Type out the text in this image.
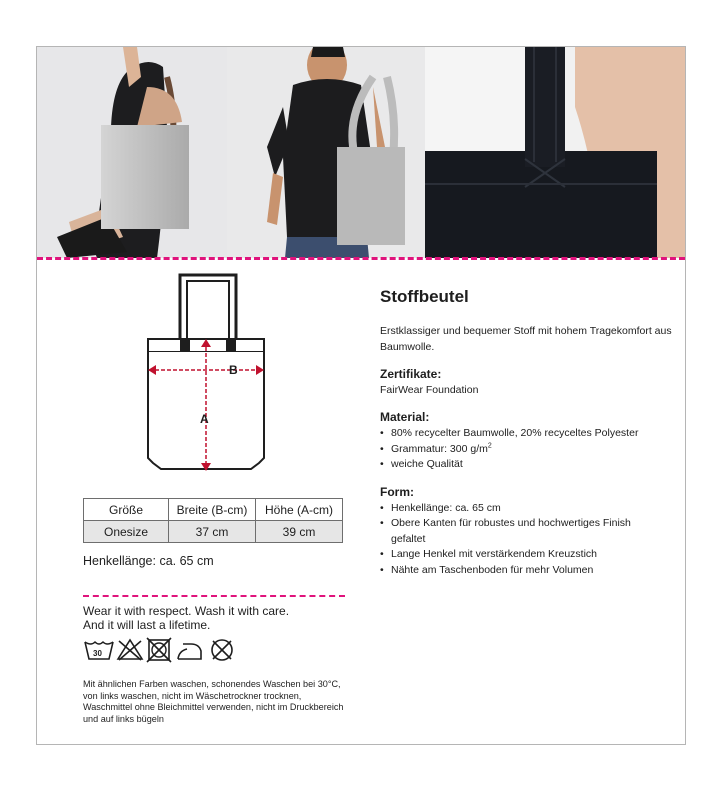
B
A
Größe	Breite (B-cm)	Höhe (A-cm)
Onesize	37 cm	39 cm
Henkellänge: ca. 65 cm
Wear it with respect. Wash it with care.
And it will last a lifetime.
30
Mit ähnlichen Farben waschen, schonendes Waschen bei 30°C, von links waschen, nicht im Wäschetrockner trocknen, Waschmittel ohne Bleichmittel verwenden, nicht im Druckbereich und auf links bügeln
Stoffbeutel
Erstklassiger und bequemer Stoff mit hohem Tragekomfort aus Baumwolle.
Zertifikate:
FairWear Foundation
Material:
• 80% recycelter Baumwolle, 20% recyceltes Polyester
• Grammatur: 300 $g/m^2$
• weiche Qualität
Form:
• Henkellänge: ca. 65 cm
• Obere Kanten für robustes und hochwertiges Finish gefaltet
• Lange Henkel mit verstärkendem Kreuzstich
• Nähte am Taschenboden für mehr Volumen
